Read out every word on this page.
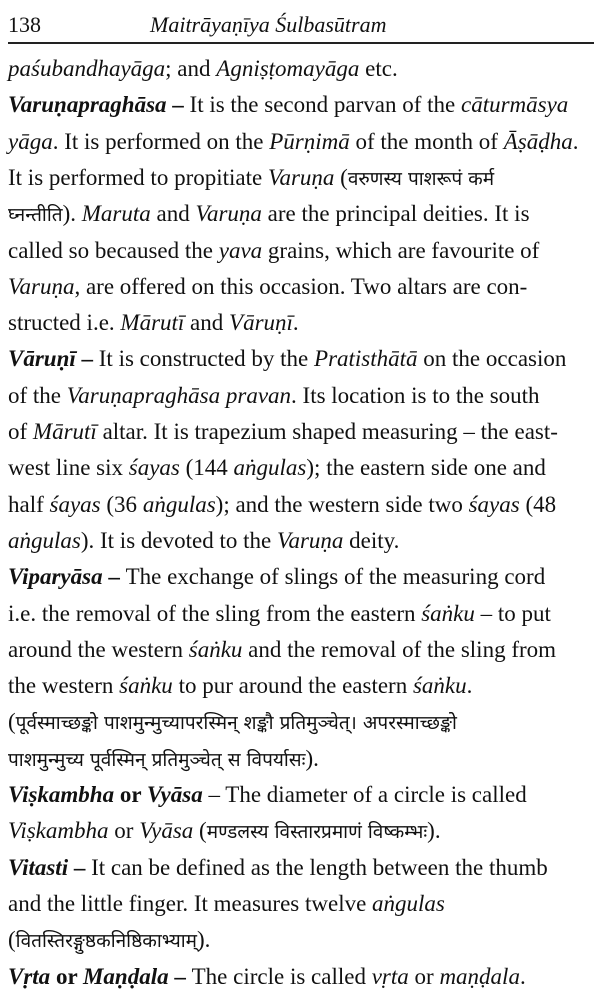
138	Maitrāyaṇīya Śulbasūtram
paśubandhayāga; and Agniṣṭomayāga etc.
Varuṇapraghāsa – It is the second parvan of the cāturmāsya
yāga. It is performed on the Pūrṇimā of the month of Āṣāḍha.
It is performed to propitiate Varuṇa (वरुणस्य पाशरूपं कर्म
घ्नन्तीति). Maruta and Varuṇa are the principal deities. It is
called so becaused the yava grains, which are favourite of
Varuṇa, are offered on this occasion. Two altars are con-
structed i.e. Mārutī and Vāruṇī.
Vāruṇī – It is constructed by the Pratisthātā on the occasion
of the Varuṇapraghāsa pravan. Its location is to the south
of Mārutī altar. It is trapezium shaped measuring – the east-
west line six śayas (144 aṅgulas); the eastern side one and
half śayas (36 aṅgulas); and the western side two śayas (48
aṅgulas). It is devoted to the Varuṇa deity.
Viparyāsa – The exchange of slings of the measuring cord
i.e. the removal of the sling from the eastern śaṅku – to put
around the western śaṅku and the removal of the sling from
the western śaṅku to pur around the eastern śaṅku.
(पूर्वस्माच्छङ्कोे पाशमुन्मुच्यापरस्मिन् शङ्कौ प्रतिमुञ्चेत्। अपरस्माच्छङ्कोे
पाशमुन्मुच्य पूर्वस्मिन् प्रतिमुञ्चेत् स विपर्यासः).
Viṣkambha or Vyāsa – The diameter of a circle is called
Viṣkambha or Vyāsa (मण्डलस्य विस्तारप्रमाणं विष्कम्भः).
Vitasti – It can be defined as the length between the thumb
and the little finger. It measures twelve aṅgulas
(वितस्तिरङ्गुष्ठकनिष्ठिकाभ्याम्).
Vṛta or Maṇḍala – The circle is called vṛta or maṇḍala.
